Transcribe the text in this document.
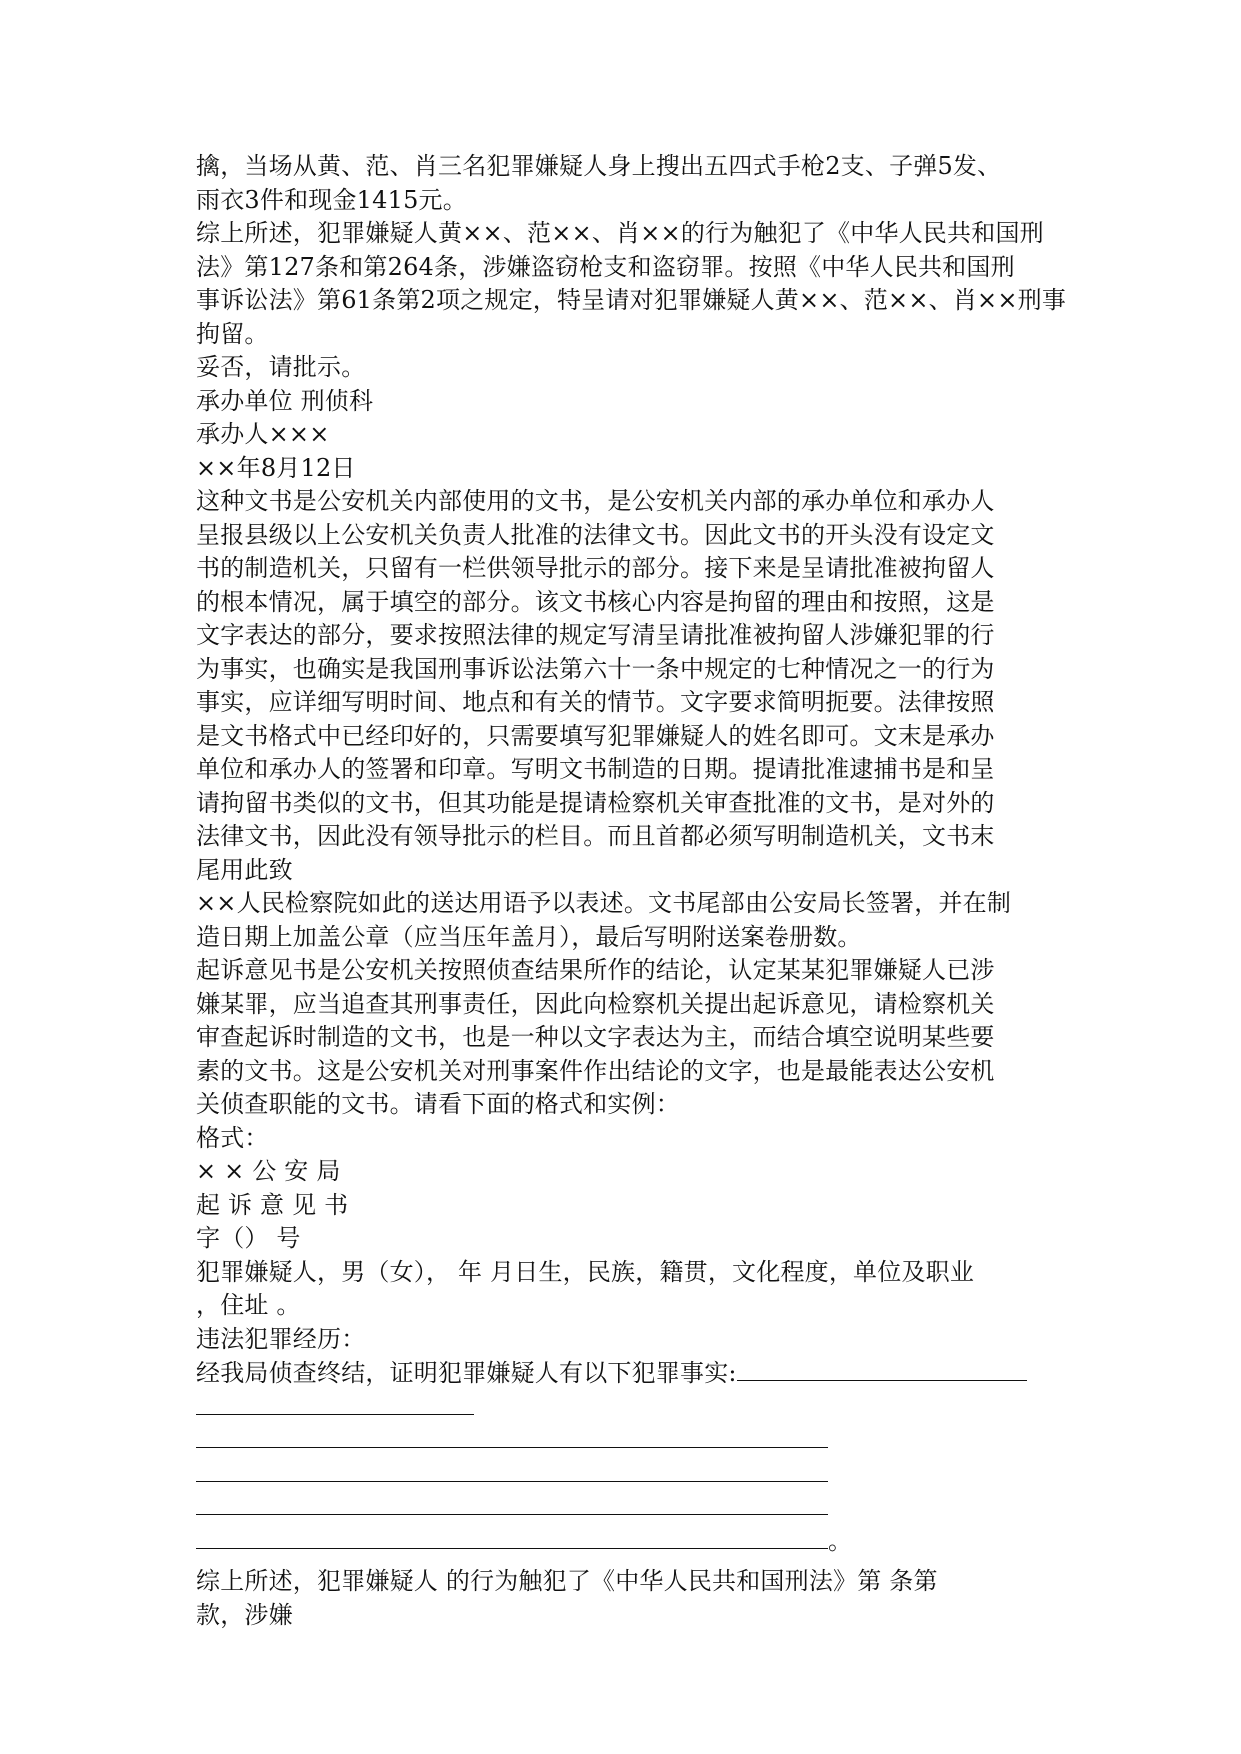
擒，当场从黄、范、肖三名犯罪嫌疑人身上搜出五四式手枪2支、子弹5发、
雨衣3件和现金1415元。
综上所述，犯罪嫌疑人黄××、范××、肖××的行为触犯了《中华人民共和国刑
法》第127条和第264条，涉嫌盗窃枪支和盗窃罪。按照《中华人民共和国刑
事诉讼法》第61条第2项之规定，特呈请对犯罪嫌疑人黄××、范××、肖××刑事
拘留。
妥否，请批示。
承办单位 刑侦科
承办人×××
××年8月12日
这种文书是公安机关内部使用的文书，是公安机关内部的承办单位和承办人
呈报县级以上公安机关负责人批准的法律文书。因此文书的开头没有设定文
书的制造机关，只留有一栏供领导批示的部分。接下来是呈请批准被拘留人
的根本情况，属于填空的部分。该文书核心内容是拘留的理由和按照，这是
文字表达的部分，要求按照法律的规定写清呈请批准被拘留人涉嫌犯罪的行
为事实，也确实是我国刑事诉讼法第六十一条中规定的七种情况之一的行为
事实，应详细写明时间、地点和有关的情节。文字要求简明扼要。法律按照
是文书格式中已经印好的，只需要填写犯罪嫌疑人的姓名即可。文末是承办
单位和承办人的签署和印章。写明文书制造的日期。提请批准逮捕书是和呈
请拘留书类似的文书，但其功能是提请检察机关审查批准的文书，是对外的
法律文书，因此没有领导批示的栏目。而且首都必须写明制造机关，文书末
尾用此致
××人民检察院如此的送达用语予以表述。文书尾部由公安局长签署，并在制
造日期上加盖公章（应当压年盖月），最后写明附送案卷册数。
起诉意见书是公安机关按照侦查结果所作的结论，认定某某犯罪嫌疑人已涉
嫌某罪，应当追查其刑事责任，因此向检察机关提出起诉意见，请检察机关
审查起诉时制造的文书，也是一种以文字表达为主，而结合填空说明某些要
素的文书。这是公安机关对刑事案件作出结论的文字，也是最能表达公安机
关侦查职能的文书。请看下面的格式和实例：
格式：
× × 公 安 局
起 诉 意 见 书
字（） 号
犯罪嫌疑人，男（女）， 年 月日生，民族，籍贯，文化程度，单位及职业
，住址 。
违法犯罪经历：
经我局侦查终结，证明犯罪嫌疑人有以下犯罪事实:
。
综上所述，犯罪嫌疑人 的行为触犯了《中华人民共和国刑法》第 条第
款，涉嫌
